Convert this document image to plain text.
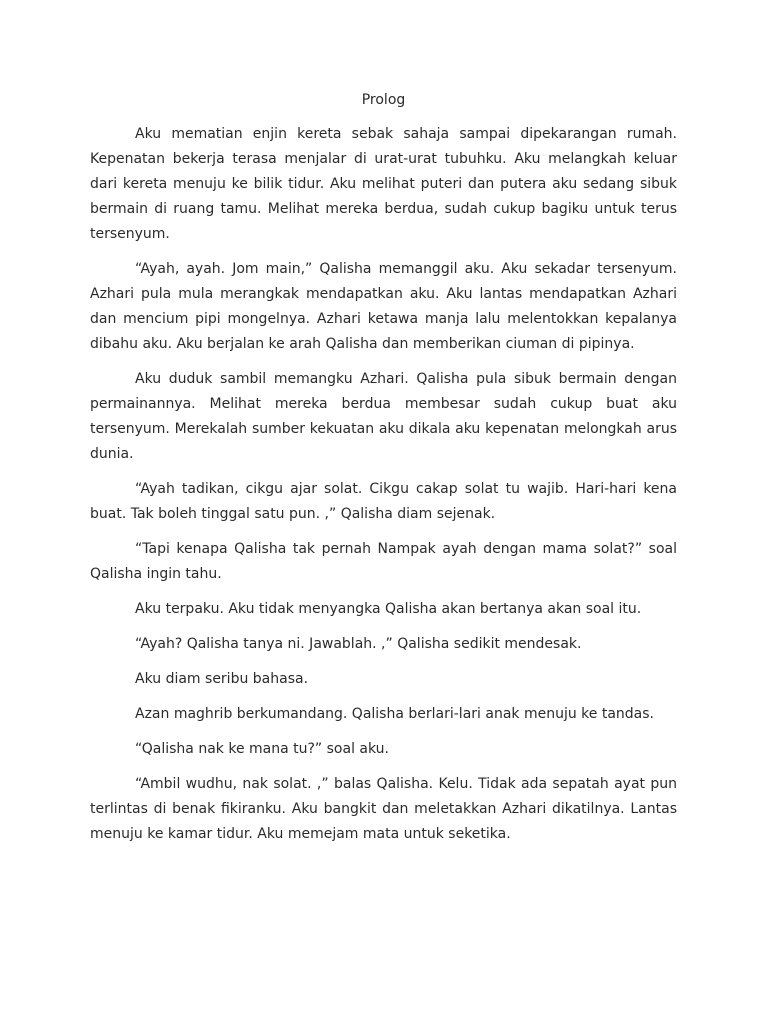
Prolog

Aku mematian enjin kereta sebak sahaja sampai dipekarangan rumah. Kepenatan bekerja terasa menjalar di urat-urat tubuhku. Aku melangkah keluar dari kereta menuju ke bilik tidur. Aku melihat puteri dan putera aku sedang sibuk bermain di ruang tamu. Melihat mereka berdua, sudah cukup bagiku untuk terus tersenyum.

“Ayah, ayah. Jom main,” Qalisha memanggil aku. Aku sekadar tersenyum. Azhari pula mula merangkak mendapatkan aku. Aku lantas mendapatkan Azhari dan mencium pipi mongelnya. Azhari ketawa manja lalu melentokkan kepalanya dibahu aku. Aku berjalan ke arah Qalisha dan memberikan ciuman di pipinya.

Aku duduk sambil memangku Azhari. Qalisha pula sibuk bermain dengan permainannya. Melihat mereka berdua membesar sudah cukup buat aku tersenyum. Merekalah sumber kekuatan aku dikala aku kepenatan melongkah arus dunia.

“Ayah tadikan, cikgu ajar solat. Cikgu cakap solat tu wajib. Hari-hari kena buat. Tak boleh tinggal satu pun. ,” Qalisha diam sejenak.

“Tapi kenapa Qalisha tak pernah Nampak ayah dengan mama solat?” soal Qalisha ingin tahu.

Aku terpaku. Aku tidak menyangka Qalisha akan bertanya akan soal itu.

“Ayah? Qalisha tanya ni. Jawablah. ,” Qalisha sedikit mendesak.

Aku diam seribu bahasa.

Azan maghrib berkumandang. Qalisha berlari-lari anak menuju ke tandas.

“Qalisha nak ke mana tu?” soal aku.

“Ambil wudhu, nak solat. ,” balas Qalisha. Kelu. Tidak ada sepatah ayat pun terlintas di benak fikiranku. Aku bangkit dan meletakkan Azhari dikatilnya. Lantas menuju ke kamar tidur. Aku memejam mata untuk seketika.
